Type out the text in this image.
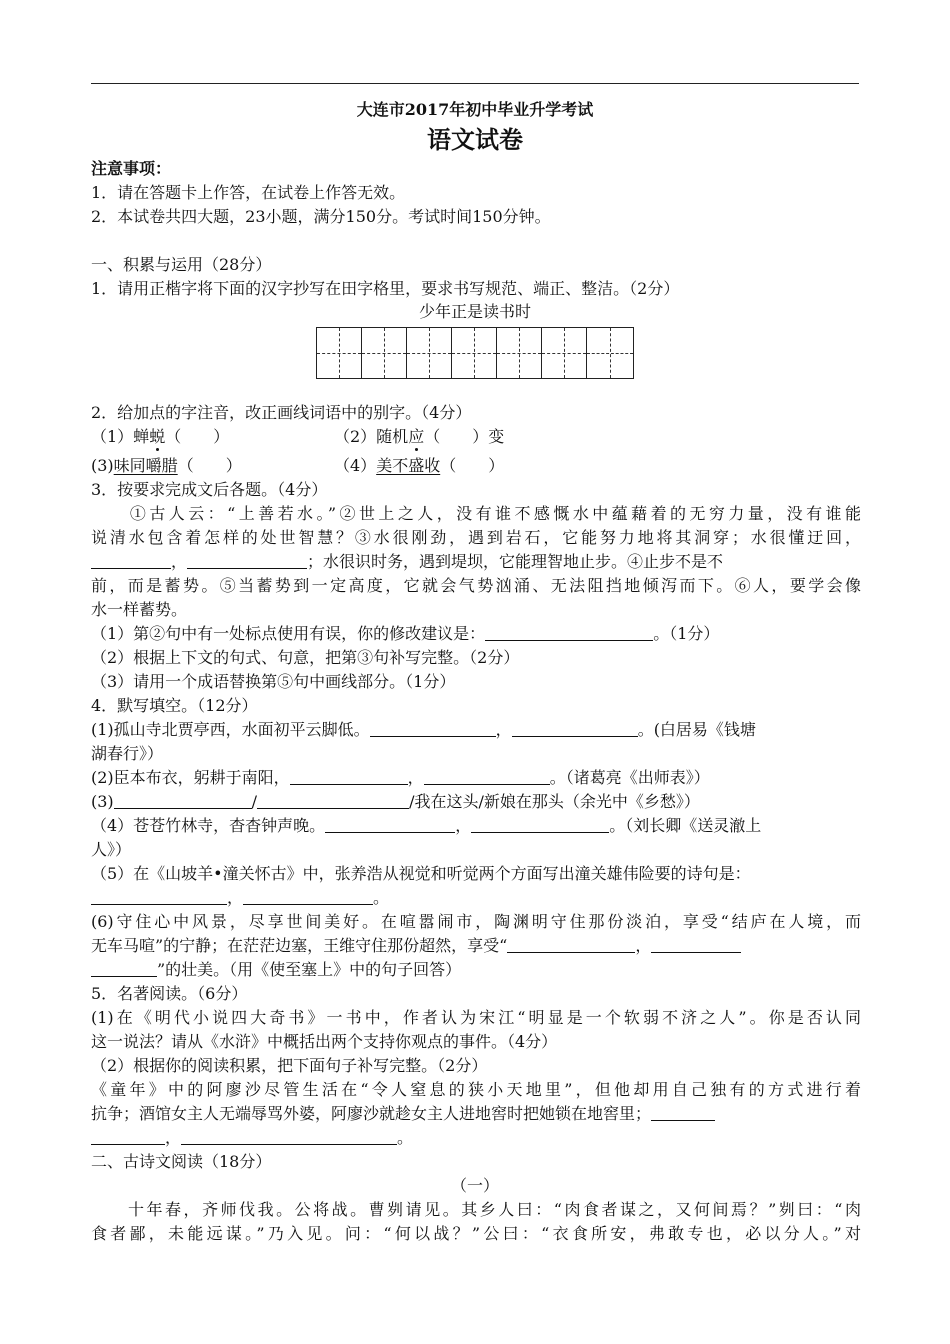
大连市2017年初中毕业升学考试
语文试卷
注意事项：
1．请在答题卡上作答，在试卷上作答无效。
2．本试卷共四大题，23小题，满分150分。考试时间150分钟。
一、积累与运用（28分）
1．请用正楷字将下面的汉字抄写在田字格里，要求书写规范、端正、整洁。（2分）
少年正是读书时
2．给加点的字注音，改正画线词语中的别字。（4分）
（1）蝉蜕（　　）	（2）随机应（　　）变
(3)味同嚼腊（　　）	（4）美不盛收（　　）
3．按要求完成文后各题。（4分）
　　①古人云：“上善若水。”②世上之人，没有谁不感慨水中蕴藉着的无穷力量，没有谁能
说清水包含着怎样的处世智慧？③水很刚劲，遇到岩石，它能努力地将其洞穿；水很懂迂回，
，	；水很识时务，遇到堤坝，它能理智地止步。④止步不是不
前，而是蓄势。⑤当蓄势到一定高度，它就会气势汹涌、无法阻挡地倾泻而下。⑥人，要学会像
水一样蓄势。
（1）第②句中有一处标点使用有误，你的修改建议是：	。（1分）
（2）根据上下文的句式、句意，把第③句补写完整。（2分）
（3）请用一个成语替换第⑤句中画线部分。（1分）
4．默写填空。（12分）
(1)孤山寺北贾亭西，水面初平云脚低。	，	。(白居易《钱塘
湖春行》）
(2)臣本布衣，躬耕于南阳，	，	。（诸葛亮《出师表》）
(3)	/	/我在这头/新娘在那头（余光中《乡愁》）
（4）苍苍竹林寺，杳杳钟声晚。	，	。（刘长卿《送灵澈上
人》）
（5）在《山坡羊•潼关怀古》中，张养浩从视觉和听觉两个方面写出潼关雄伟险要的诗句是：
，	。
(6)守住心中风景，尽享世间美好。在喧嚣闹市，陶渊明守住那份淡泊，享受“结庐在人境，而
无车马喧”的宁静；在茫茫边塞，王维守住那份超然，享受“	，
”的壮美。（用《使至塞上》中的句子回答）
5．名著阅读。（6分）
(1)在《明代小说四大奇书》一书中，作者认为宋江“明显是一个软弱不济之人”。你是否认同
这一说法？请从《水浒》中概括出两个支持你观点的事件。（4分）
（2）根据你的阅读积累，把下面句子补写完整。（2分）
《童年》中的阿廖沙尽管生活在“令人窒息的狭小天地里”，但他却用自己独有的方式进行着
抗争；酒馆女主人无端辱骂外婆，阿廖沙就趁女主人进地窖时把她锁在地窖里；
，	。
二、古诗文阅读（18分）
（一）
　　十年春，齐师伐我。公将战。曹刿请见。其乡人曰：“肉食者谋之，又何间焉？”刿曰：“肉
食者鄙，未能远谋。”乃入见。问：“何以战？”公曰：“衣食所安，弗敢专也，必以分人。”对
